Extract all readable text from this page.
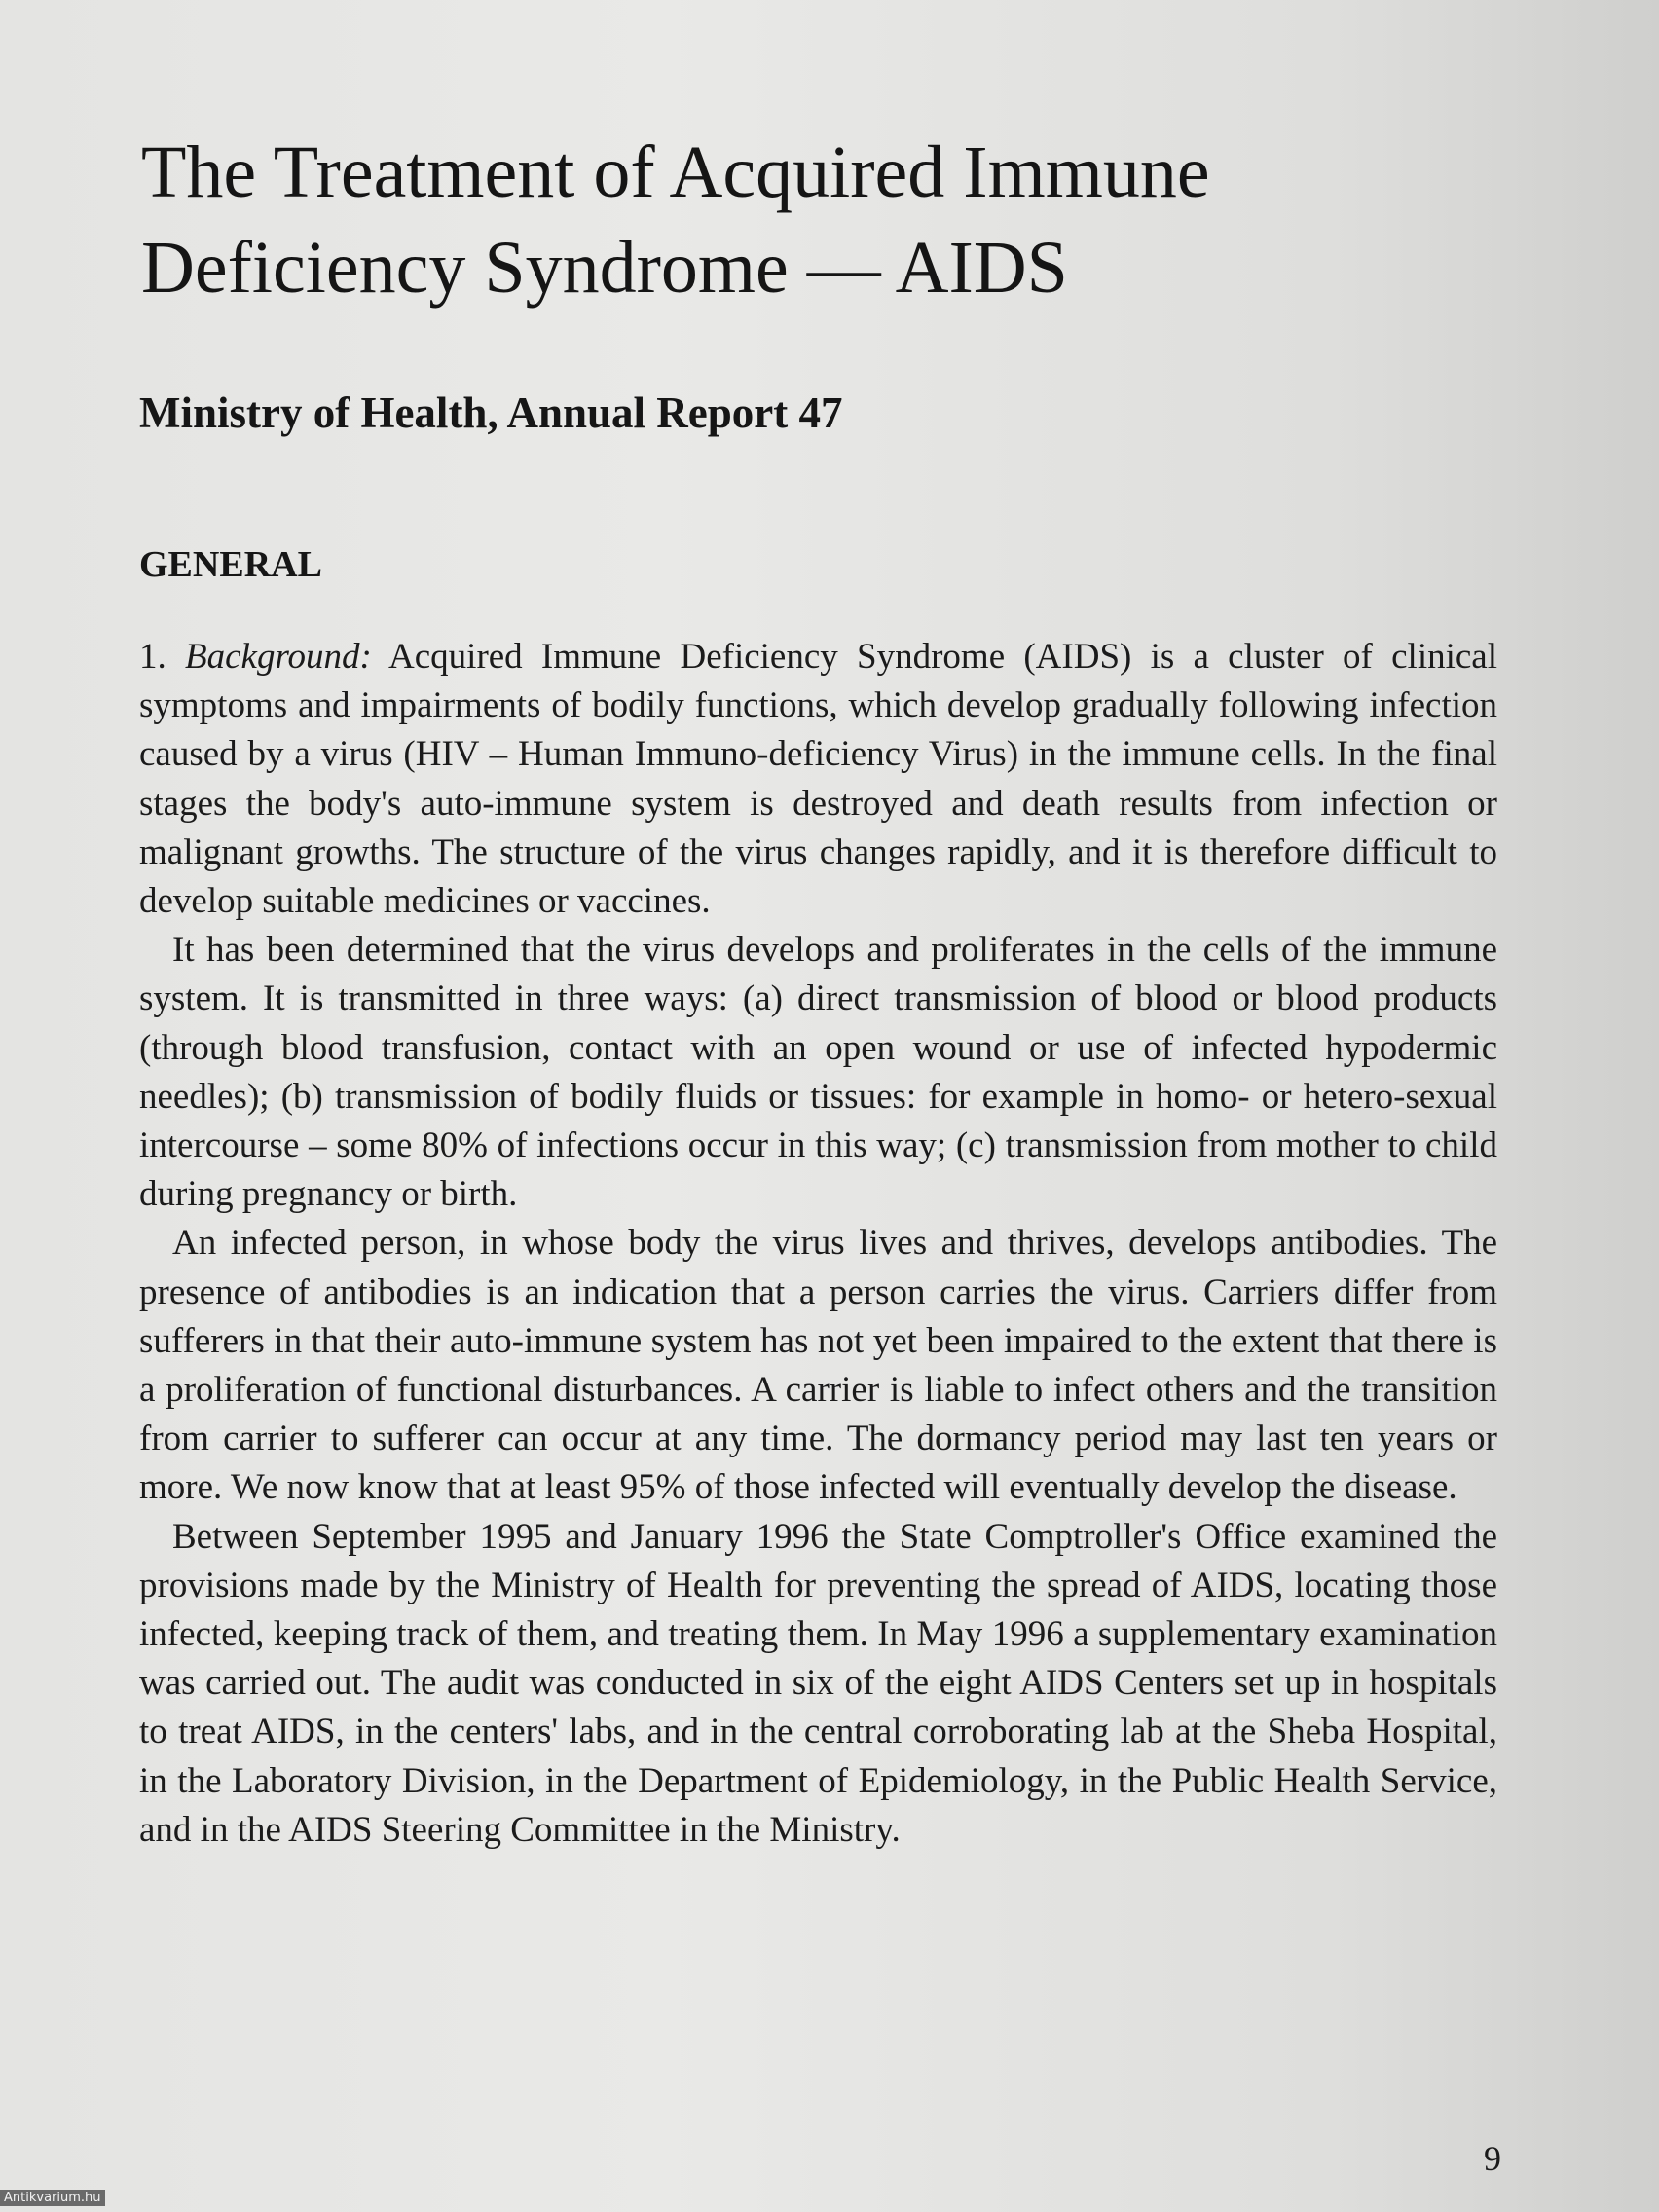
The Treatment of Acquired Immune Deficiency Syndrome — AIDS
Ministry of Health, Annual Report 47
GENERAL

1. Background: Acquired Immune Deficiency Syndrome (AIDS) is a cluster of clinical symptoms and impairments of bodily functions, which develop gradually following infection caused by a virus (HIV – Human Immuno-deficiency Virus) in the immune cells. In the final stages the body's auto-immune system is destroyed and death results from infection or malignant growths. The structure of the virus changes rapidly, and it is therefore difficult to develop suitable medicines or vaccines.

It has been determined that the virus develops and proliferates in the cells of the immune system. It is transmitted in three ways: (a) direct transmission of blood or blood products (through blood transfusion, contact with an open wound or use of infected hypodermic needles); (b) transmission of bodily fluids or tissues: for example in homo- or hetero-sexual intercourse – some 80% of infections occur in this way; (c) transmission from mother to child during pregnancy or birth.

An infected person, in whose body the virus lives and thrives, develops antibodies. The presence of antibodies is an indication that a person carries the virus. Carriers differ from sufferers in that their auto-immune system has not yet been impaired to the extent that there is a proliferation of functional disturbances. A carrier is liable to infect others and the transition from carrier to sufferer can occur at any time. The dormancy period may last ten years or more. We now know that at least 95% of those infected will eventually develop the disease.

Between September 1995 and January 1996 the State Comptroller's Office examined the provisions made by the Ministry of Health for preventing the spread of AIDS, locating those infected, keeping track of them, and treating them. In May 1996 a supplementary examination was carried out. The audit was conducted in six of the eight AIDS Centers set up in hospitals to treat AIDS, in the centers' labs, and in the central corroborating lab at the Sheba Hospital, in the Laboratory Division, in the Department of Epidemiology, in the Public Health Service, and in the AIDS Steering Committee in the Ministry.

9
Antikvarium.hu
